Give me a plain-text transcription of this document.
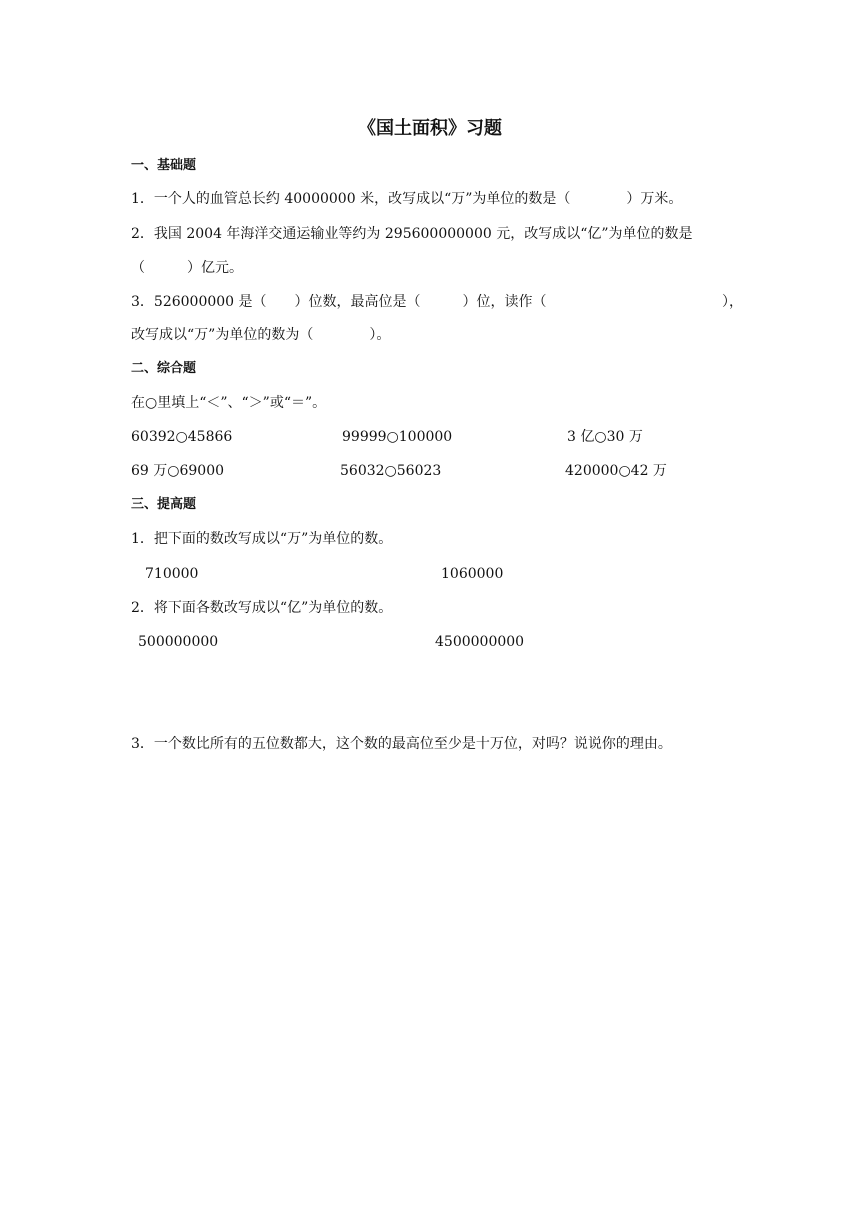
《国土面积》习题
一、基础题
1．一个人的血管总长约 40000000 米，改写成以“万”为单位的数是（　　　　）万米。
2．我国 2004 年海洋交通运输业等约为 295600000000 元，改写成以“亿”为单位的数是
（　　　）亿元。
3．526000000 是（　　）位数，最高位是（　　　）位，读作（	），
改写成以“万”为单位的数为（　　　　）。
二、综合题
在○里填上“＜”、“＞”或“＝”。
60392○45866	99999○100000	3 亿○30 万
69 万○69000	56032○56023	420000○42 万
三、提高题
1．把下面的数改写成以“万”为单位的数。
710000	1060000
2．将下面各数改写成以“亿”为单位的数。
500000000	4500000000
3．一个数比所有的五位数都大，这个数的最高位至少是十万位，对吗？说说你的理由。
